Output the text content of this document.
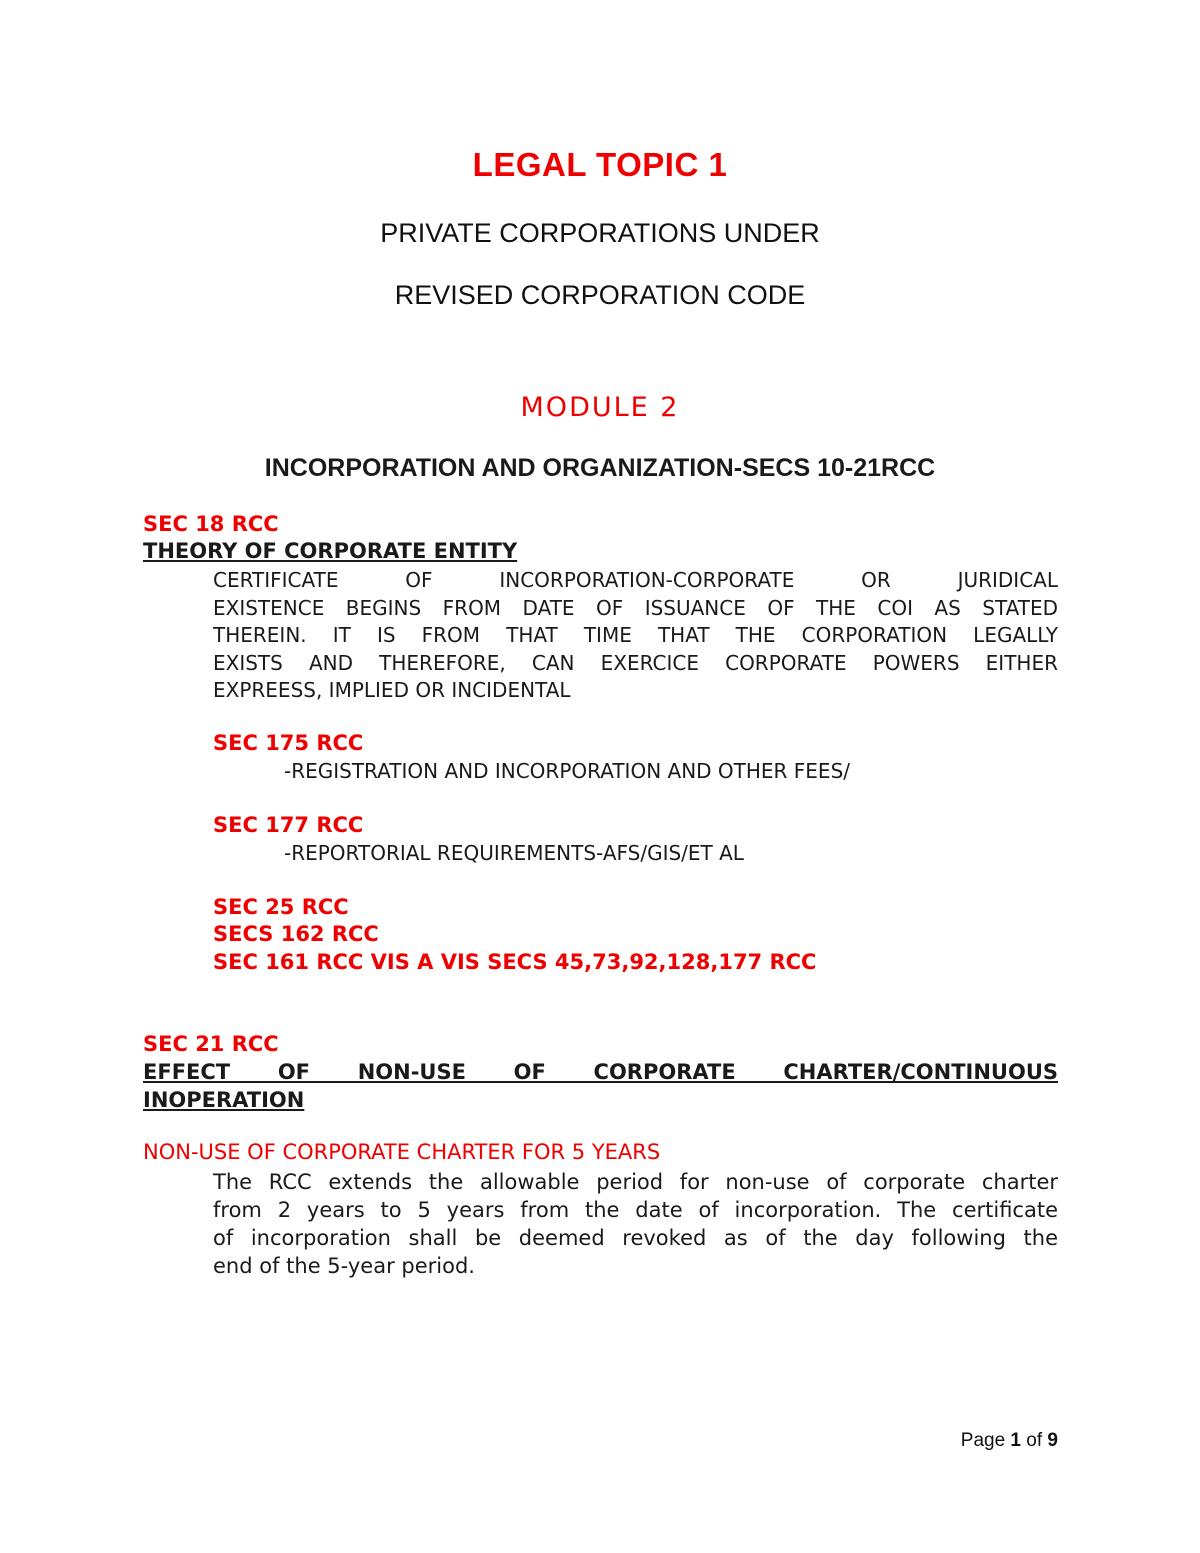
LEGAL TOPIC 1
PRIVATE CORPORATIONS UNDER
REVISED CORPORATION CODE
MODULE 2
INCORPORATION AND ORGANIZATION-SECS 10-21RCC
SEC 18 RCC
THEORY OF CORPORATE ENTITY

CERTIFICATE OF INCORPORATION-CORPORATE OR JURIDICAL

EXISTENCE BEGINS FROM DATE OF ISSUANCE OF THE COI AS STATED

THEREIN. IT IS FROM THAT TIME THAT THE CORPORATION LEGALLY

EXISTS AND THEREFORE, CAN EXERCICE CORPORATE POWERS EITHER

EXPREESS, IMPLIED OR INCIDENTAL

SEC 175 RCC
-REGISTRATION AND INCORPORATION AND OTHER FEES/
SEC 177 RCC
-REPORTORIAL REQUIREMENTS-AFS/GIS/ET AL
SEC 25 RCC
SECS 162 RCC
SEC 161 RCC VIS A VIS SECS 45,73,92,128,177 RCC
SEC 21 RCC

EFFECT OF NON-USE OF CORPORATE CHARTER/CONTINUOUS

INOPERATION

NON-USE OF CORPORATE CHARTER FOR 5 YEARS

The RCC extends the allowable period for non-use of corporate charter

from 2 years to 5 years from the date of incorporation. The certificate

of incorporation shall be deemed revoked as of the day following the

end of the 5-year period.

Page 1 of 9
